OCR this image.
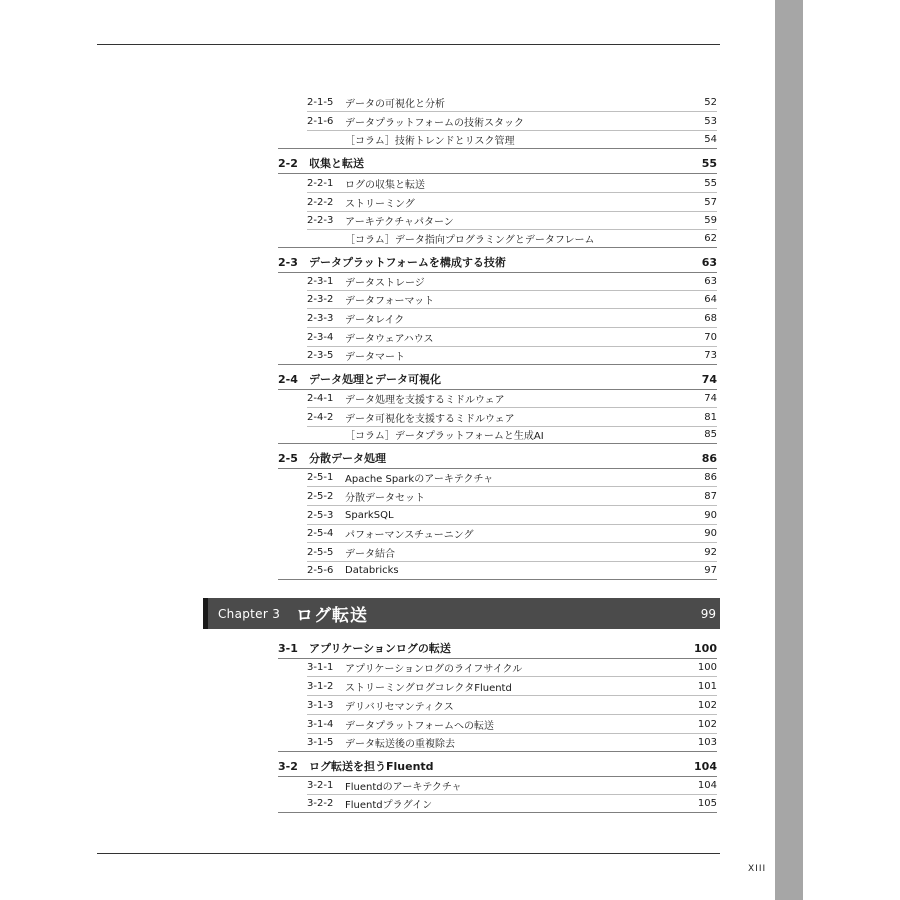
2-1-5	データの可視化と分析	52
2-1-6	データプラットフォームの技術スタック	53
［コラム］技術トレンドとリスク管理	54
2-2	収集と転送	55
2-2-1	ログの収集と転送	55
2-2-2	ストリーミング	57
2-2-3	アーキテクチャパターン	59
［コラム］データ指向プログラミングとデータフレーム	62
2-3	データプラットフォームを構成する技術	63
2-3-1	データストレージ	63
2-3-2	データフォーマット	64
2-3-3	データレイク	68
2-3-4	データウェアハウス	70
2-3-5	データマート	73
2-4	データ処理とデータ可視化	74
2-4-1	データ処理を支援するミドルウェア	74
2-4-2	データ可視化を支援するミドルウェア	81
［コラム］データプラットフォームと生成AI	85
2-5	分散データ処理	86
2-5-1	Apache Sparkのアーキテクチャ	86
2-5-2	分散データセット	87
2-5-3	SparkSQL	90
2-5-4	パフォーマンスチューニング	90
2-5-5	データ結合	92
2-5-6	Databricks	97
Chapter 3 ログ転送	99
3-1	アプリケーションログの転送	100
3-1-1	アプリケーションログのライフサイクル	100
3-1-2	ストリーミングログコレクタFluentd	101
3-1-3	デリバリセマンティクス	102
3-1-4	データプラットフォームへの転送	102
3-1-5	データ転送後の重複除去	103
3-2	ログ転送を担うFluentd	104
3-2-1	Fluentdのアーキテクチャ	104
3-2-2	Fluentdプラグイン	105
XIII
